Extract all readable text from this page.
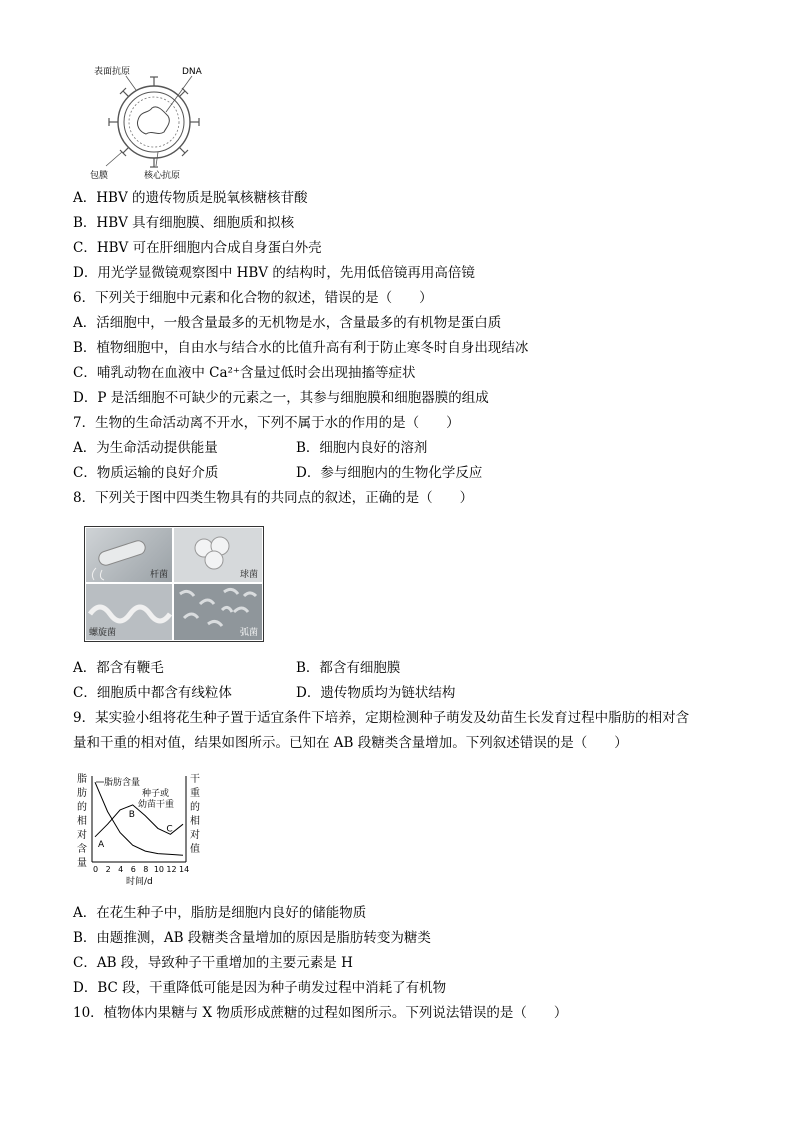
表面抗原	DNA
包膜	核心抗原
A．HBV 的遗传物质是脱氧核糖核苷酸
B．HBV 具有细胞膜、细胞质和拟核
C．HBV 可在肝细胞内合成自身蛋白外壳
D．用光学显微镜观察图中 HBV 的结构时，先用低倍镜再用高倍镜
6．下列关于细胞中元素和化合物的叙述，错误的是（　　）
A．活细胞中，一般含量最多的无机物是水，含量最多的有机物是蛋白质
B．植物细胞中，自由水与结合水的比值升高有利于防止寒冬时自身出现结冰
C．哺乳动物在血液中 Ca²⁺含量过低时会出现抽搐等症状
D．P 是活细胞不可缺少的元素之一，其参与细胞膜和细胞器膜的组成
7．生物的生命活动离不开水，下列不属于水的作用的是（　　）
A．为生命活动提供能量	B．细胞内良好的溶剂
C．物质运输的良好介质	D．参与细胞内的生物化学反应
8．下列关于图中四类生物具有的共同点的叙述，正确的是（　　）
杆菌	球菌
螺旋菌	弧菌
A．都含有鞭毛	B．都含有细胞膜
C．细胞质中都含有线粒体	D．遗传物质均为链状结构
9．某实验小组将花生种子置于适宜条件下培养，定期检测种子萌发及幼苗生长发育过程中脂肪的相对含
量和干重的相对值，结果如图所示。已知在 AB 段糖类含量增加。下列叙述错误的是（　　）
脂
肪
的
相
对
含
量
干
重
的
相
对
值
0 2 4 6 8 10 12 14
脂肪含量
种子或
幼苗干重
A
B
C
时间/d
A．在花生种子中，脂肪是细胞内良好的储能物质
B．由题推测，AB 段糖类含量增加的原因是脂肪转变为糖类
C．AB 段，导致种子干重增加的主要元素是 H
D．BC 段，干重降低可能是因为种子萌发过程中消耗了有机物
10．植物体内果糖与 X 物质形成蔗糖的过程如图所示。下列说法错误的是（　　）
